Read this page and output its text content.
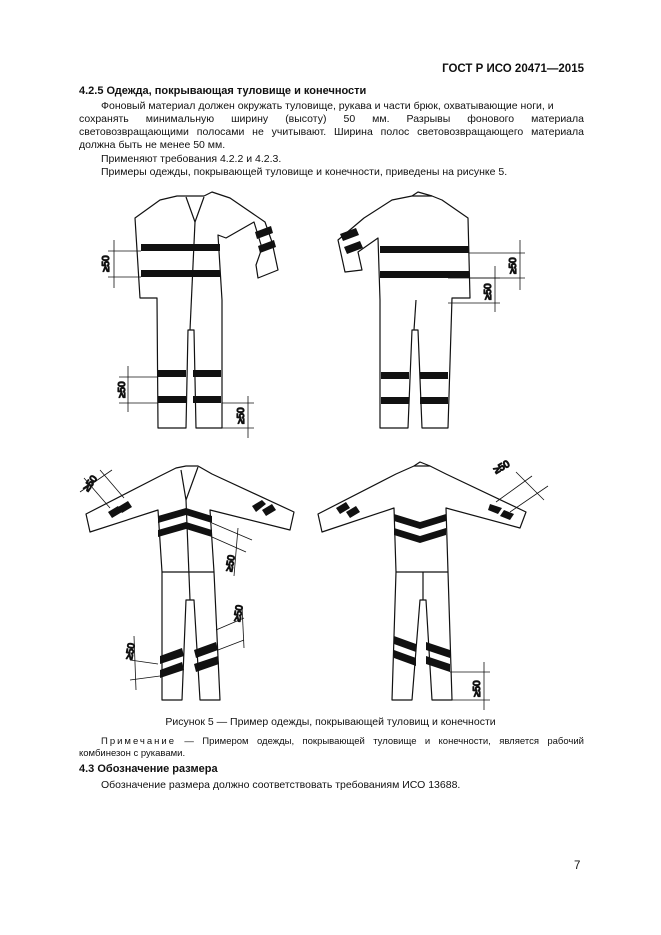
ГОСТ Р ИСО 20471—2015
4.2.5 Одежда, покрывающая туловище и конечности
Фоновый материал должен окружать туловище, рукава и части брюк, охватывающие ноги, и
сохранять минимальную ширину (высоту) 50 мм. Разрывы фонового материала
световозвращающими полосами не учитывают. Ширина полос световозвращающего материала
должна быть не менее 50 мм.
Применяют требования 4.2.2 и 4.2.3.
Примеры одежды, покрывающей туловище и конечности, приведены на рисунке 5.
≥50
≥50
≥50
≥50
≥50
≥50
≥50
≥50
≥50
≥50
≥50
Рисунок 5 — Пример одежды, покрывающей туловищ и конечности
Примечание — Примером одежды, покрывающей туловище и конечности, является рабочий
комбинезон с рукавами.
4.3 Обозначение размера
Обозначение размера должно соответствовать требованиям ИСО 13688.
7
